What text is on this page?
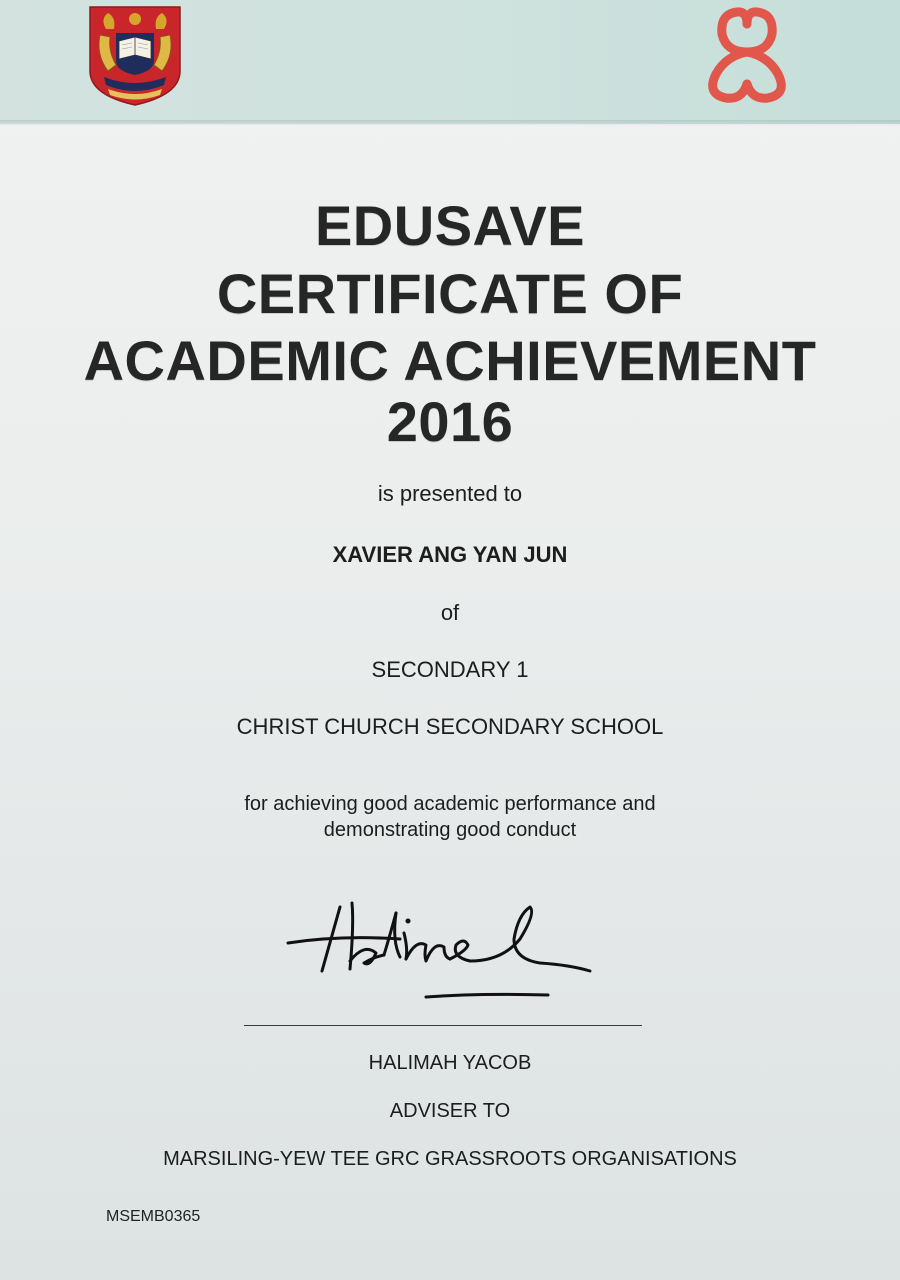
EDUSAVE
CERTIFICATE OF
ACADEMIC ACHIEVEMENT
2016
is presented to
XAVIER ANG YAN JUN
of
SECONDARY 1
CHRIST CHURCH SECONDARY SCHOOL
for achieving good academic performance and
demonstrating good conduct
HALIMAH YACOB
ADVISER TO
MARSILING-YEW TEE GRC GRASSROOTS ORGANISATIONS
MSEMB0365
